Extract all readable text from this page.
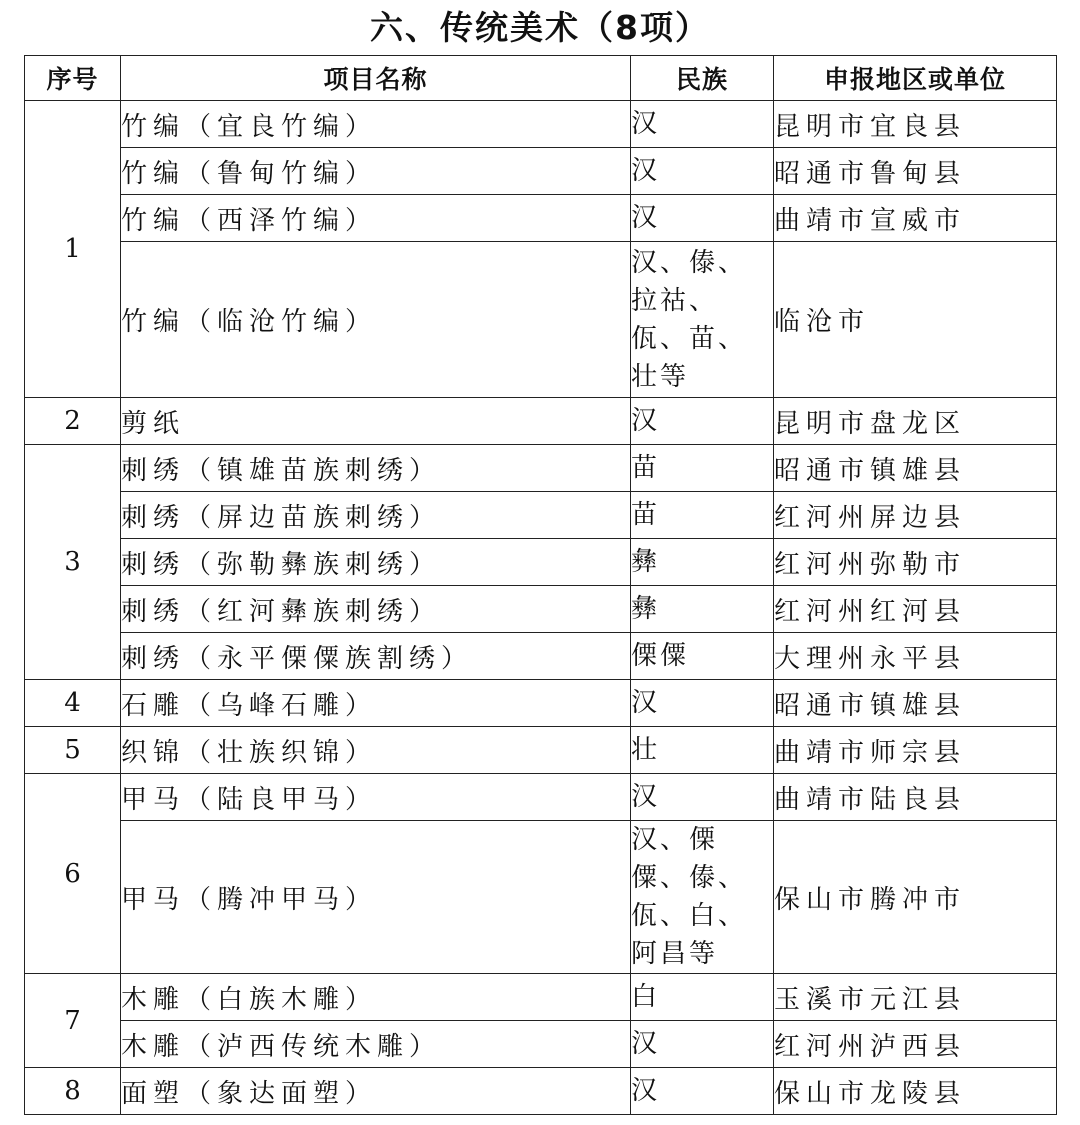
六、传统美术（8项）
序号	项目名称	民族	申报地区或单位
1	竹编（宜良竹编）	汉	昆明市宜良县
	竹编（鲁甸竹编）	汉	昭通市鲁甸县
	竹编（西泽竹编）	汉	曲靖市宣威市
	竹编（临沧竹编）	汉、傣、拉祜、佤、苗、壮等	临沧市
2	剪纸	汉	昆明市盘龙区
3	刺绣（镇雄苗族刺绣）	苗	昭通市镇雄县
	刺绣（屏边苗族刺绣）	苗	红河州屏边县
	刺绣（弥勒彝族刺绣）	彝	红河州弥勒市
	刺绣（红河彝族刺绣）	彝	红河州红河县
	刺绣（永平傈僳族割绣）	傈僳	大理州永平县
4	石雕（乌峰石雕）	汉	昭通市镇雄县
5	织锦（壮族织锦）	壮	曲靖市师宗县
6	甲马（陆良甲马）	汉	曲靖市陆良县
	甲马（腾冲甲马）	汉、傈僳、傣、佤、白、阿昌等	保山市腾冲市
7	木雕（白族木雕）	白	玉溪市元江县
	木雕（泸西传统木雕）	汉	红河州泸西县
8	面塑（象达面塑）	汉	保山市龙陵县
